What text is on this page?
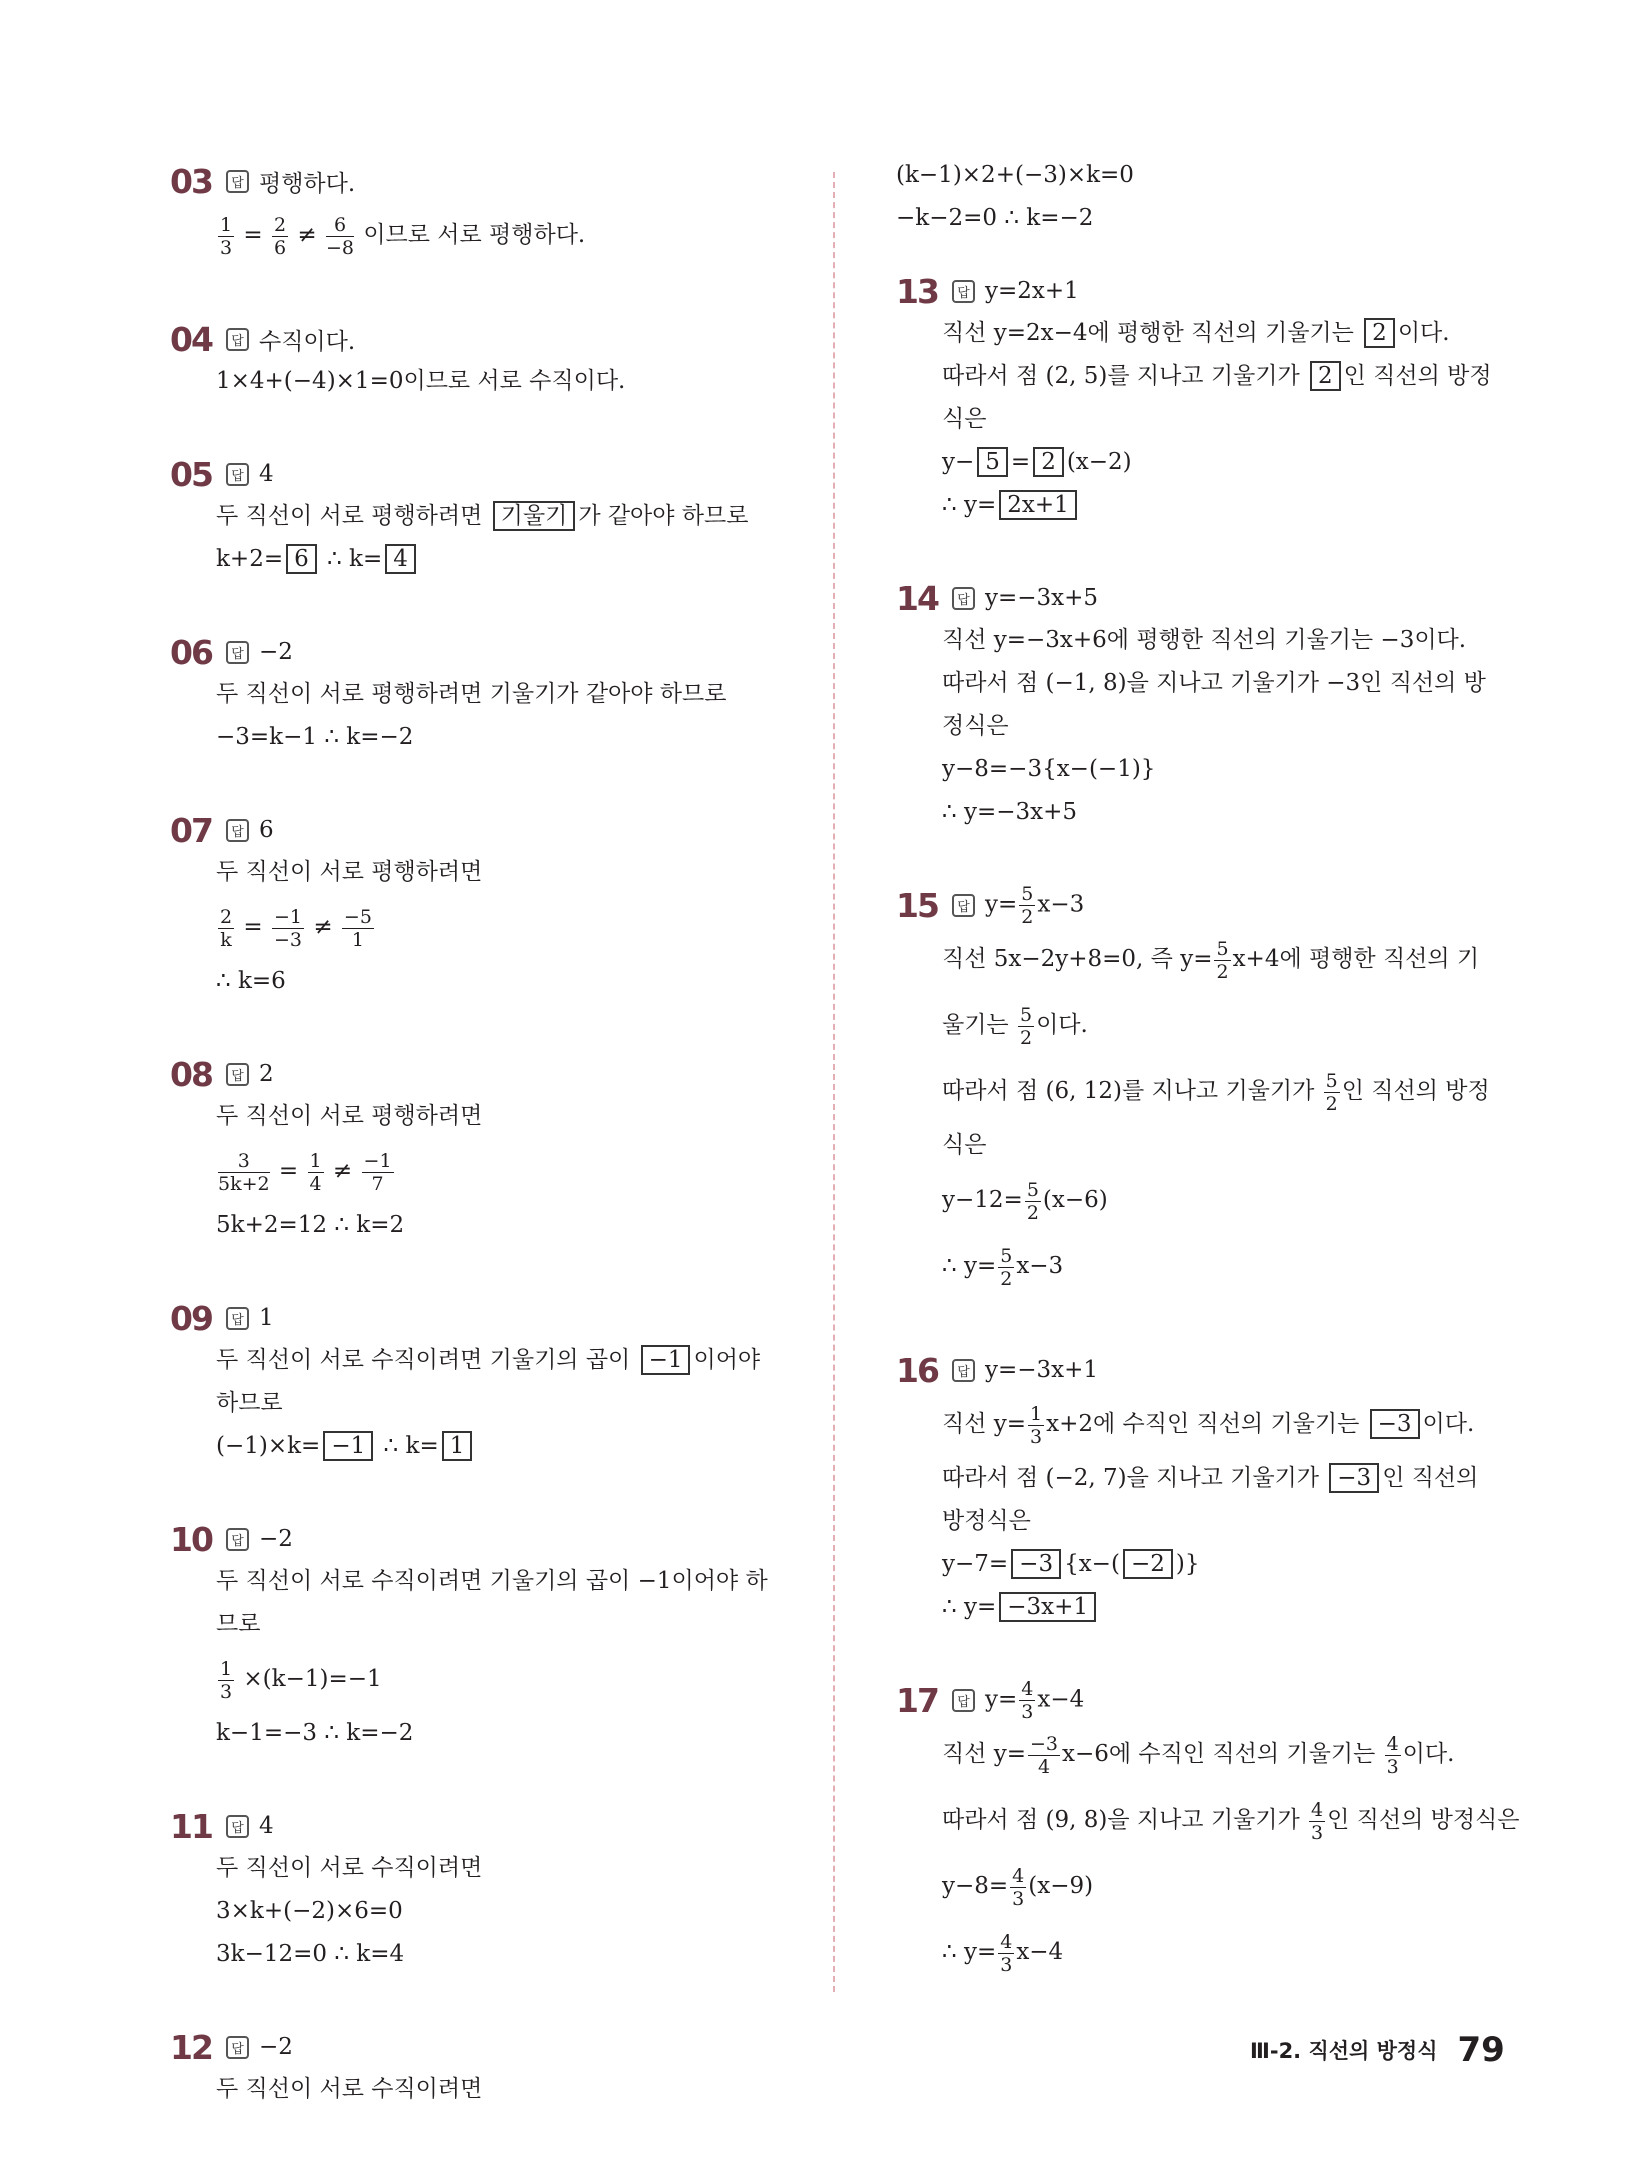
03	답 평행하다.
$\frac{1}{3} = \frac{2}{6} \ne \frac{6}{-8}$ 이므로 서로 평행하다.
04	답 수직이다.
1×4+(−4)×1=0이므로 서로 수직이다.
05	답 4
두 직선이 서로 평행하려면 기울기 가 같아야 하므로
k+2= 6 ∴ k= 4
06	답 −2
두 직선이 서로 평행하려면 기울기가 같아야 하므로
−3=k−1 ∴ k=−2
07	답 6
두 직선이 서로 평행하려면
$\frac{2}{k} = \frac{-1}{-3} \ne \frac{-5}{1}$
∴ k=6
08	답 2
두 직선이 서로 평행하려면
$\frac{3}{5k+2} = \frac{1}{4} \ne \frac{-1}{7}$
5k+2=12 ∴ k=2
09	답 1
두 직선이 서로 수직이려면 기울기의 곱이 −1 이어야
하므로
(−1)×k= −1 ∴ k= 1
10	답 −2
두 직선이 서로 수직이려면 기울기의 곱이 −1이어야 하
므로
$\frac{1}{3} \times(k-1)=-1$
k−1=−3 ∴ k=−2
11	답 4
두 직선이 서로 수직이려면
3×k+(−2)×6=0
3k−12=0 ∴ k=4
12	답 −2
두 직선이 서로 수직이려면
(k−1)×2+(−3)×k=0
−k−2=0 ∴ k=−2
13	답 y=2x+1
직선 y=2x−4에 평행한 직선의 기울기는 2 이다.
따라서 점 (2, 5)를 지나고 기울기가 2 인 직선의 방정
식은
y− 5 = 2 (x−2)
∴ y=2x+1
14	답 y=−3x+5
직선 y=−3x+6에 평행한 직선의 기울기는 −3이다.
따라서 점 (−1, 8)을 지나고 기울기가 −3인 직선의 방
정식은
y−8=−3{x−(−1)}
∴ y=−3x+5
15	답 $y= \frac{5}{2} x-3$
직선 5x−2y+8=0, 즉 $y= \frac{5}{2} x+4$에 평행한 직선의 기
울기는 $\frac{5}{2}$ 이다.
따라서 점 (6, 12)를 지나고 기울기가 $\frac{5}{2}$ 인 직선의 방정
식은
$y-12= \frac{5}{2} (x-6)$
∴ $y= \frac{5}{2} x-3$
16	답 y=−3x+1
직선 $y= \frac{1}{3} x+2$에 수직인 직선의 기울기는 −3 이다.
따라서 점 (−2, 7)을 지나고 기울기가 −3 인 직선의
방정식은
y−7= −3 {x−( −2 )}
∴ y=−3x+1
17	답 $y= \frac{4}{3} x-4$
직선 $y= \frac{-3}{4} x-6$에 수직인 직선의 기울기는 $\frac{4}{3}$ 이다.
따라서 점 (9, 8)을 지나고 기울기가 $\frac{4}{3}$ 인 직선의 방정식은
$y-8= \frac{4}{3} (x-9)$
∴ $y= \frac{4}{3} x-4$
Ⅲ-2. 직선의 방정식 79
